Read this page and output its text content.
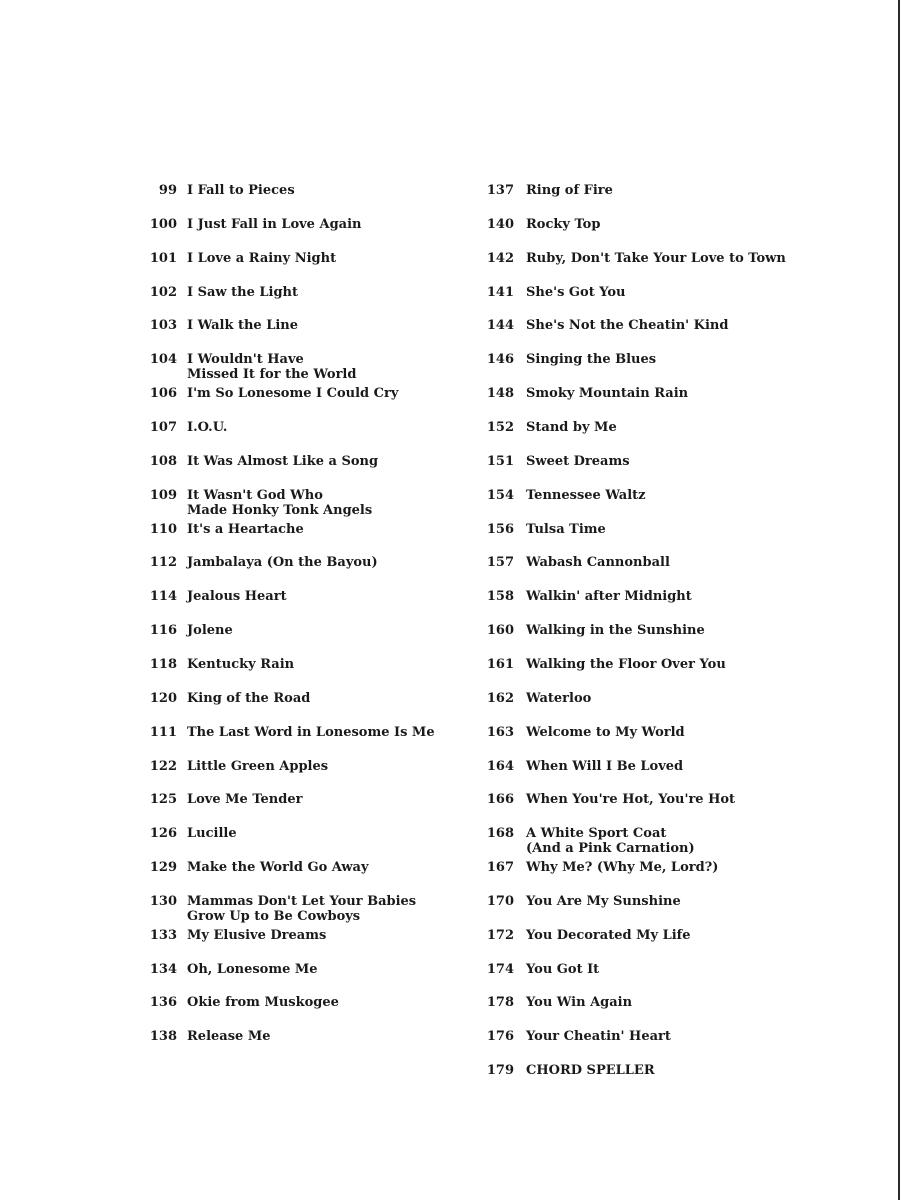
99 I Fall to Pieces
100 I Just Fall in Love Again
101 I Love a Rainy Night
102 I Saw the Light
103 I Walk the Line
104 I Wouldn't Have
Missed It for the World
106 I'm So Lonesome I Could Cry
107 I.O.U.
108 It Was Almost Like a Song
109 It Wasn't God Who
Made Honky Tonk Angels
110 It's a Heartache
112 Jambalaya (On the Bayou)
114 Jealous Heart
116 Jolene
118 Kentucky Rain
120 King of the Road
111 The Last Word in Lonesome Is Me
122 Little Green Apples
125 Love Me Tender
126 Lucille
129 Make the World Go Away
130 Mammas Don't Let Your Babies
Grow Up to Be Cowboys
133 My Elusive Dreams
134 Oh, Lonesome Me
136 Okie from Muskogee
138 Release Me
137 Ring of Fire
140 Rocky Top
142 Ruby, Don't Take Your Love to Town
141 She's Got You
144 She's Not the Cheatin' Kind
146 Singing the Blues
148 Smoky Mountain Rain
152 Stand by Me
151 Sweet Dreams
154 Tennessee Waltz
156 Tulsa Time
157 Wabash Cannonball
158 Walkin' after Midnight
160 Walking in the Sunshine
161 Walking the Floor Over You
162 Waterloo
163 Welcome to My World
164 When Will I Be Loved
166 When You're Hot, You're Hot
168 A White Sport Coat
(And a Pink Carnation)
167 Why Me? (Why Me, Lord?)
170 You Are My Sunshine
172 You Decorated My Life
174 You Got It
178 You Win Again
176 Your Cheatin' Heart
179 CHORD SPELLER
